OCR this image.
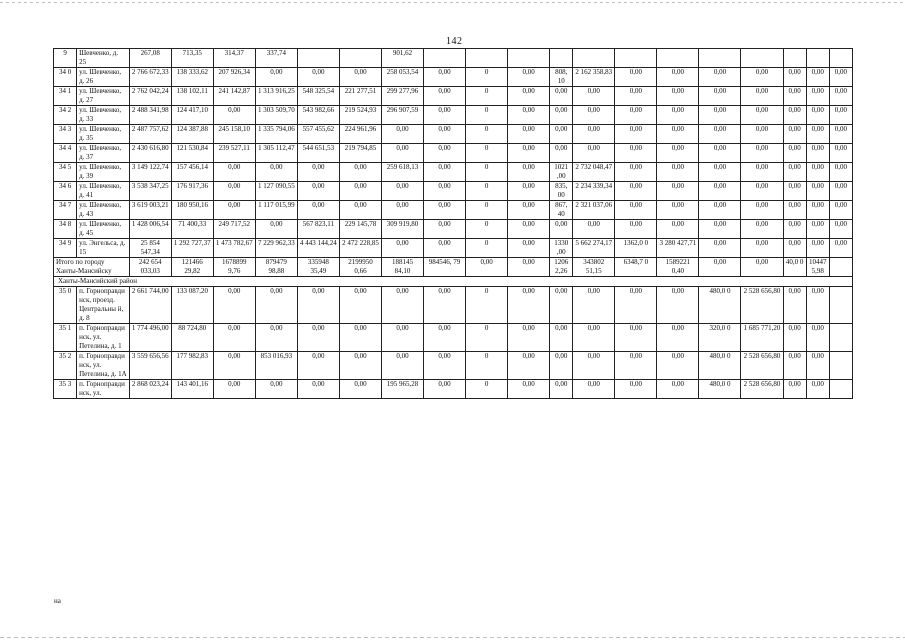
142
9	Шевченко, д. 25	267,08	713,35	314,37	337,74			901,62												
34 0	ул. Шевченко, д. 26	2 766 672,33	138 333,62	207 926,34	0,00	0,00	0,00	258 053,54	0,00	0	0,00	808, 10	2 162 358,83	0,00	0,00	0,00	0,00	0,00	0,00	0,00
34 1	ул. Шевченко, д. 27	2 762 042,24	138 102,11	241 142,87	1 313 916,25	548 325,54	221 277,51	299 277,96	0,00	0	0,00	0,00	0,00	0,00	0,00	0,00	0,00	0,00	0,00	0,00
34 2	ул. Шевченко, д. 33	2 488 341,98	124 417,10	0,00	1 303 509,70	543 982,66	219 524,93	296 907,59	0,00	0	0,00	0,00	0,00	0,00	0,00	0,00	0,00	0,00	0,00	0,00
34 3	ул. Шевченко, д. 35	2 487 757,62	124 387,88	245 158,10	1 335 794,06	557 455,62	224 961,96	0,00	0,00	0	0,00	0,00	0,00	0,00	0,00	0,00	0,00	0,00	0,00	0,00
34 4	ул. Шевченко, д. 37	2 430 616,80	121 530,84	239 527,11	1 305 112,47	544 651,53	219 794,85	0,00	0,00	0	0,00	0,00	0,00	0,00	0,00	0,00	0,00	0,00	0,00	0,00
34 5	ул. Шевченко, д. 39	3 149 122,74	157 456,14	0,00	0,00	0,00	0,00	259 618,13	0,00	0	0,00	1021 ,00	2 732 048,47	0,00	0,00	0,00	0,00	0,00	0,00	0,00
34 6	ул. Шевченко, д. 41	3 538 347,25	176 917,36	0,00	1 127 090,55	0,00	0,00	0,00	0,00	0	0,00	835, 00	2 234 339,34	0,00	0,00	0,00	0,00	0,00	0,00	0,00
34 7	ул. Шевченко, д. 43	3 619 003,21	180 950,16	0,00	1 117 015,99	0,00	0,00	0,00	0,00	0	0,00	867, 40	2 321 037,06	0,00	0,00	0,00	0,00	0,00	0,00	0,00
34 8	ул. Шевченко, д. 45	1 428 006,54	71 400,33	249 717,52	0,00	567 823,11	229 145,78	309 919,80	0,00	0	0,00	0,00	0,00	0,00	0,00	0,00	0,00	0,00	0,00	0,00
34 9	ул. Энгельса, д. 15	25 854 547,34	1 292 727,37	1 473 782,67	7 229 962,33	4 443 144,24	2 472 228,85	0,00	0,00	0	0,00	1330 ,00	5 662 274,17	1362,0 0	3 280 427,71	0,00	0,00	0,00	0,00	0,00
Итого по городу Ханты-Мансийску		242 654 033,03	121466 29,82	1678899 9,76	879479 98,88	335948 35,49	2199950 0,66	188145 84,10	984546, 79	0,00	0,00	1206 2,26	343802 51,15	6348,7 0	1589221 0,40	0,00	0,00	40,0 0	10447 5,98	
Ханты-Мансийский район																				
35 0	п. Горноправди нск, проезд. Центральны й, д. 8	2 661 744,00	133 087,20	0,00	0,00	0,00	0,00	0,00	0,00	0	0,00	0,00	0,00	0,00	0,00	480,0 0	2 528 656,80	0,00	0,00	
35 1	п. Горноправди нск, ул. Петелина, д. 1	1 774 496,00	88 724,80	0,00	0,00	0,00	0,00	0,00	0,00	0	0,00	0,00	0,00	0,00	0,00	320,0 0	1 685 771,20	0,00	0,00	
35 2	п. Горноправди нск, ул. Петелина, д. 1А	3 559 656,56	177 982,83	0,00	853 016,93	0,00	0,00	0,00	0,00	0	0,00	0,00	0,00	0,00	0,00	480,0 0	2 528 656,80	0,00	0,00	
35 3	п. Горноправди нск, ул.	2 868 023,24	143 401,16	0,00	0,00	0,00	0,00	195 965,28	0,00	0	0,00	0,00	0,00	0,00	0,00	480,0 0	2 528 656,80	0,00	0,00	
на
